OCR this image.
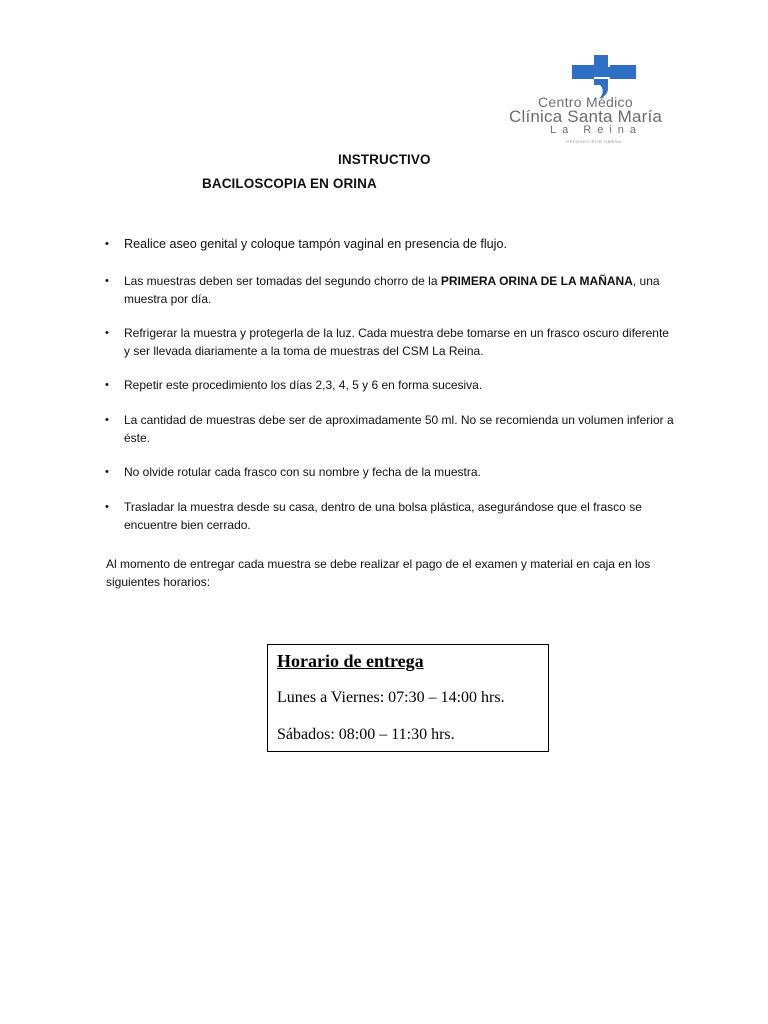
Centro Médico
Clínica Santa María
La Reina
OPERADO POR OMESA
INSTRUCTIVO
BACILOSCOPIA EN ORINA
•	Realice aseo genital y coloque tampón vaginal en presencia de flujo.
•	Las muestras deben ser tomadas del segundo chorro de la PRIMERA ORINA DE LA MAÑANA, una muestra por día.
•	Refrigerar la muestra y protegerla de la luz. Cada muestra debe tomarse en un frasco oscuro diferente y ser llevada diariamente a la toma de muestras del CSM La Reina.
•	Repetir este procedimiento los días 2,3, 4, 5 y 6 en forma sucesiva.
•	La cantidad de muestras debe ser de aproximadamente 50 ml. No se recomienda un volumen inferior a éste.
•	No olvide rotular cada frasco con su nombre y fecha de la muestra.
•	Trasladar la muestra desde su casa, dentro de una bolsa plástica, asegurándose que el frasco se encuentre bien cerrado.
Al momento de entregar cada muestra se debe realizar el pago de el examen y material en caja en los siguientes horarios:
Horario de entrega
Lunes a Viernes: 07:30 – 14:00 hrs.
Sábados: 08:00 – 11:30 hrs.
